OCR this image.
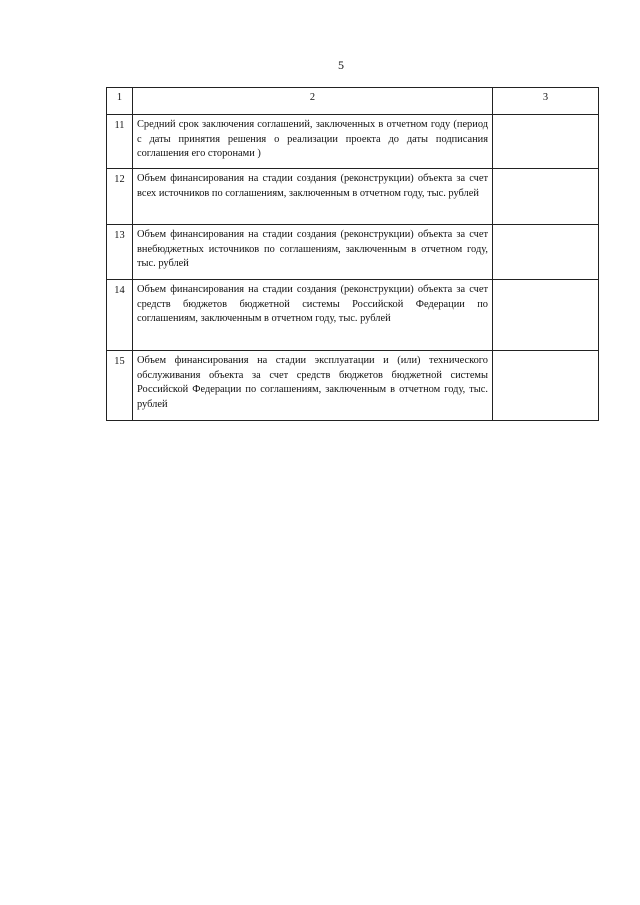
5
1	2	3
11	Средний срок заключения соглашений, заключенных в отчетном году (период с даты принятия решения о реализации проекта до даты подписания соглашения его сторонами )	
12	Объем финансирования на стадии создания (реконструкции) объекта за счет всех источников по соглашениям, заключенным в отчетном году, тыс. рублей	
13	Объем финансирования на стадии создания (реконструкции) объекта за счет внебюджетных источников по соглашениям, заключенным в отчетном году, тыс. рублей	
14	Объем финансирования на стадии создания (реконструкции) объекта за счет средств бюджетов бюджетной системы Российской Федерации по соглашениям, заключенным в отчетном году, тыс. рублей	
15	Объем финансирования на стадии эксплуатации и (или) технического обслуживания объекта за счет средств бюджетов бюджетной системы Российской Федерации по соглашениям, заключенным в отчетном году, тыс. рублей	
